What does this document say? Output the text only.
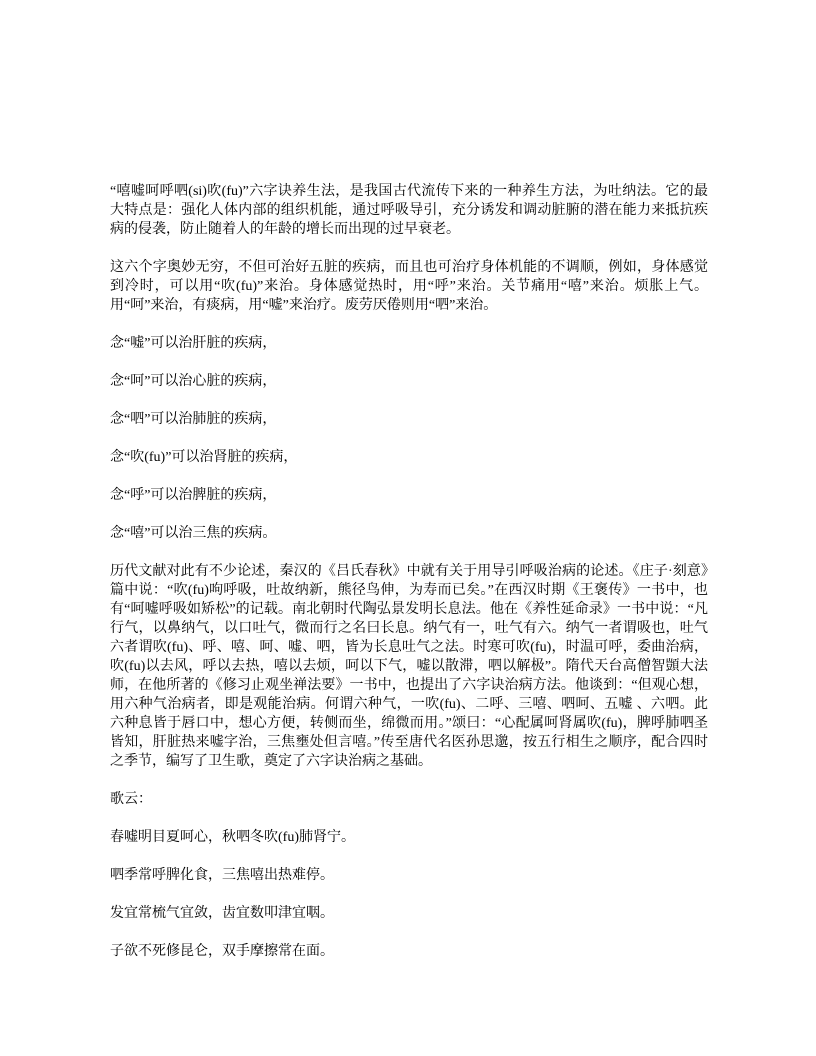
“嘻嘘呵呼呬(si)吹(fu)”六字诀养生法，是我国古代流传下来的一种养生方法，为吐纳法。它的最大特点是：强化人体内部的组织机能，通过呼吸导引，充分诱发和调动脏腑的潜在能力来抵抗疾病的侵袭，防止随着人的年龄的增长而出现的过早衰老。

这六个字奥妙无穷，不但可治好五脏的疾病，而且也可治疗身体机能的不调顺，例如，身体感觉到冷时，可以用“吹(fu)”来治。身体感觉热时，用“呼”来治。关节痛用“嘻”来治。烦胀上气。用“呵”来治，有痰病，用“嘘”来治疗。废劳厌倦则用“呬”来治。

念“嘘”可以治肝脏的疾病，

念“呵”可以治心脏的疾病，

念“呬”可以治肺脏的疾病，

念“吹(fu)”可以治肾脏的疾病，

念“呼”可以治脾脏的疾病，

念“嘻”可以治三焦的疾病。

历代文献对此有不少论述，秦汉的《吕氏春秋》中就有关于用导引呼吸治病的论述。《庄子·刻意》篇中说：“吹(fu)呴呼吸，吐故纳新，熊径鸟伸，为寿而已矣。”在西汉时期《王褒传》一书中，也有“呵嘘呼吸如矫松”的记载。南北朝时代陶弘景发明长息法。他在《养性延命录》一书中说：“凡行气，以鼻纳气，以口吐气，微而行之名曰长息。纳气有一，吐气有六。纳气一者谓吸也，吐气六者谓吹(fu)、呼、嘻、呵、嘘、呬，皆为长息吐气之法。时寒可吹(fu)，时温可呼，委曲治病，吹(fu)以去风，呼以去热，嘻以去烦，呵以下气，嘘以散滞，呬以解极”。隋代天台高僧智顗大法师，在他所著的《修习止观坐禅法要》一书中，也提出了六字诀治病方法。他谈到：“但观心想，用六种气治病者，即是观能治病。何谓六种气，一吹(fu)、二呼、三嘻、呬呵、五嘘 、六呬。此六种息皆于唇口中，想心方便，转侧而坐，绵微而用。”颂曰：“心配属呵肾属吹(fu)，脾呼肺呬圣皆知，肝脏热来嘘字治，三焦壅处但言嘻。”传至唐代名医孙思邈，按五行相生之顺序，配合四时之季节，编写了卫生歌，奠定了六字诀治病之基础。

歌云：

春嘘明目夏呵心，秋呬冬吹(fu)肺肾宁。

呬季常呼脾化食，三焦嘻出热难停。

发宜常梳气宜敛，齿宜数叩津宜咽。

子欲不死修昆仑，双手摩擦常在面。
